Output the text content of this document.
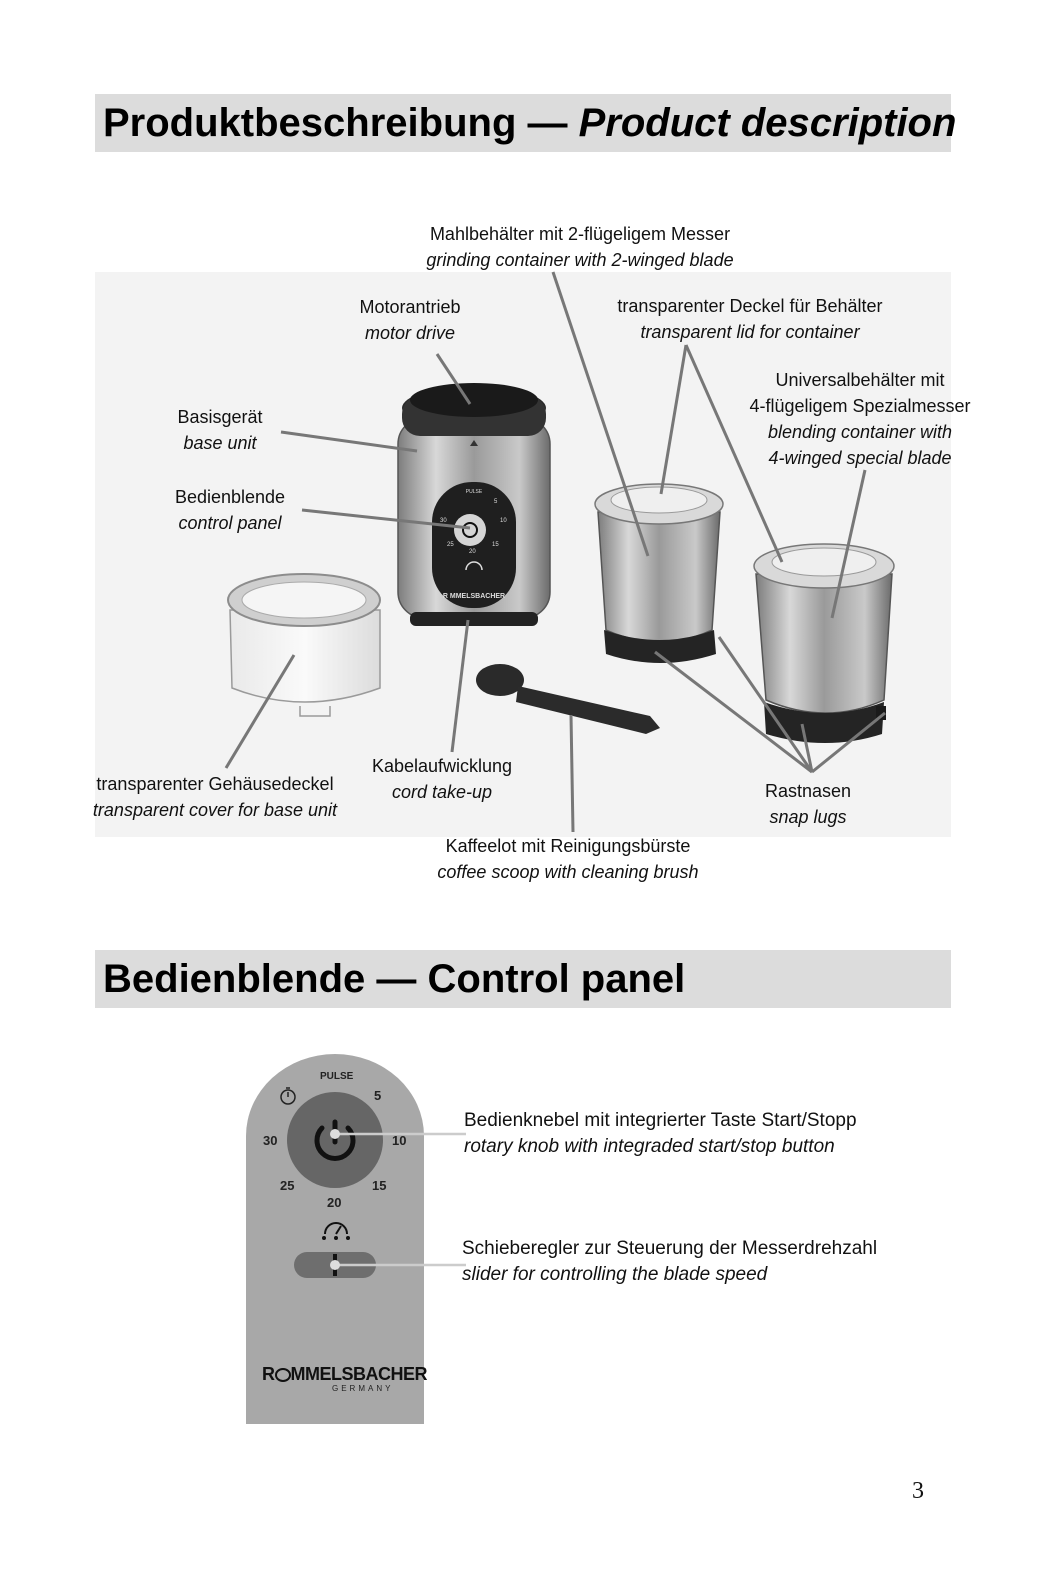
Produktbeschreibung — Product description
R MMELSBACHER
PULSE
5
10
15
20
25
30
Mahlbehälter mit 2-flügeligem Messer
grinding container with 2-winged blade
Motorantrieb
motor drive
transparenter Deckel für Behälter
transparent lid for container
Universalbehälter mit
4-flügeligem Spezialmesser
blending container with
4-winged special blade
Basisgerät
base unit
Bedienblende
control panel
transparenter Gehäusedeckel
transparent cover for base unit
Kabelaufwicklung
cord take-up	Rastnasen
snap lugs
Kaffeelot mit Reinigungsbürste
coffee scoop with cleaning brush
Bedienblende — Control panel
PULSE
5
10
15
20
25
30
R MMELSBACHER
GERMANY
Bedienknebel mit integrierter Taste Start/Stopp
rotary knob with integraded start/stop button
Schieberegler zur Steuerung der Messerdrehzahl
slider for controlling the blade speed
3
